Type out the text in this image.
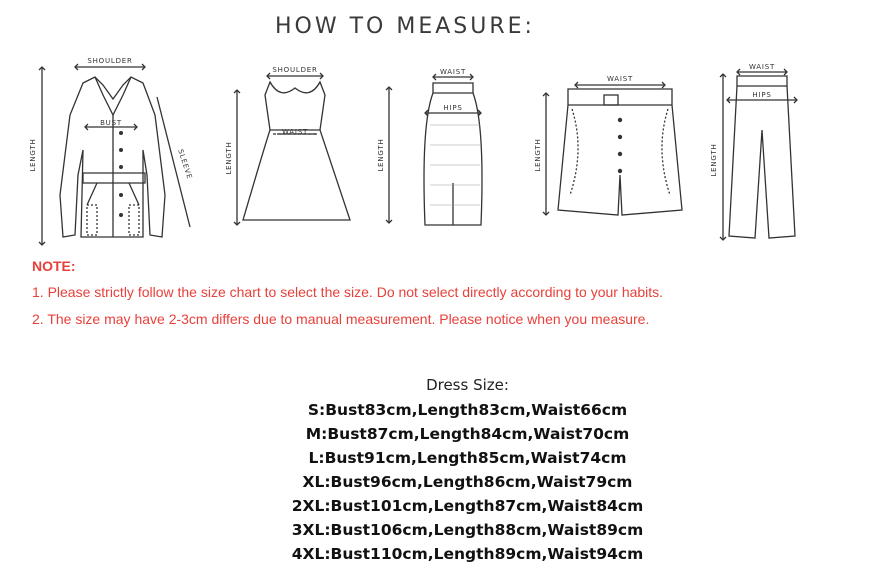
HOW TO MEASURE:
SHOULDER
BUST
LENGTH	SLEEVE
SHOULDER
WAIST
LENGTH
WAIST
HIPS
LENGTH
WAIST
LENGTH
WAIST
HIPS
LENGTH
NOTE:
1. Please strictly follow the size chart to select the size. Do not select directly according to your habits.
2. The size may have 2-3cm differs due to manual measurement. Please notice when you measure.
Dress Size:
S:Bust83cm,Length83cm,Waist66cm
M:Bust87cm,Length84cm,Waist70cm
L:Bust91cm,Length85cm,Waist74cm
XL:Bust96cm,Length86cm,Waist79cm
2XL:Bust101cm,Length87cm,Waist84cm
3XL:Bust106cm,Length88cm,Waist89cm
4XL:Bust110cm,Length89cm,Waist94cm
